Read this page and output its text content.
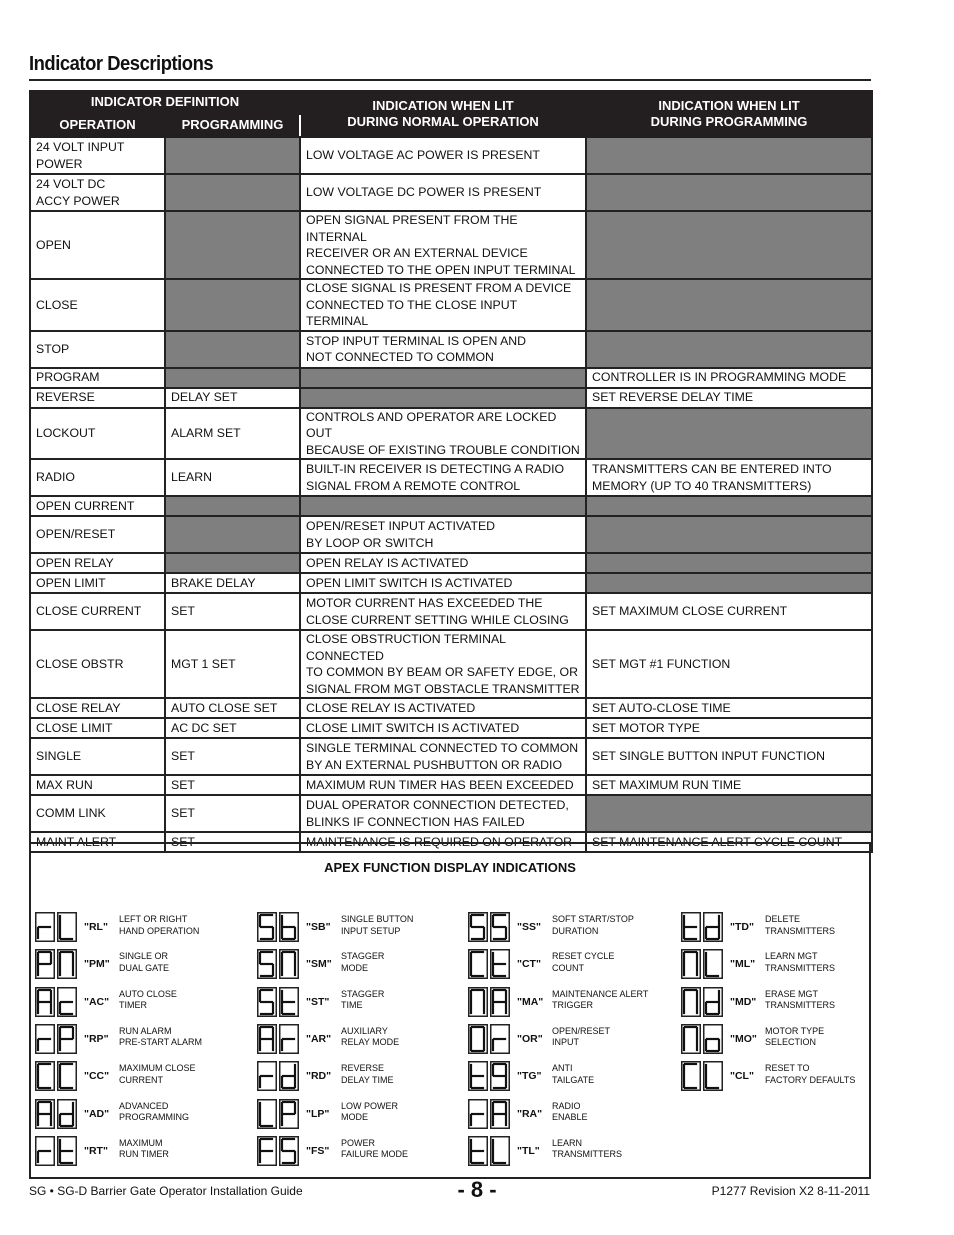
Indicator Descriptions
INDICATOR DEFINITION		INDICATION WHEN LIT
DURING NORMAL OPERATION	INDICATION WHEN LIT
DURING PROGRAMMING
OPERATION	PROGRAMMING		
24 VOLT INPUT
POWER		LOW VOLTAGE AC POWER IS PRESENT	
24 VOLT DC
ACCY POWER		LOW VOLTAGE DC POWER IS PRESENT	
OPEN		OPEN SIGNAL PRESENT FROM THE INTERNAL
RECEIVER OR AN EXTERNAL DEVICE
CONNECTED TO THE OPEN INPUT TERMINAL	
CLOSE		CLOSE SIGNAL IS PRESENT FROM A DEVICE
CONNECTED TO THE CLOSE INPUT TERMINAL	
STOP		STOP INPUT TERMINAL IS OPEN AND
NOT CONNECTED TO COMMON	
PROGRAM			CONTROLLER IS IN PROGRAMMING MODE
REVERSE	DELAY SET		SET REVERSE DELAY TIME
LOCKOUT	ALARM SET	CONTROLS AND OPERATOR ARE LOCKED OUT
BECAUSE OF EXISTING TROUBLE CONDITION	
RADIO	LEARN	BUILT-IN RECEIVER IS DETECTING A RADIO
SIGNAL FROM A REMOTE CONTROL	TRANSMITTERS CAN BE ENTERED INTO
MEMORY (UP TO 40 TRANSMITTERS)
OPEN CURRENT			
OPEN/RESET		OPEN/RESET INPUT ACTIVATED
BY LOOP OR SWITCH	
OPEN RELAY		OPEN RELAY IS ACTIVATED	
OPEN LIMIT	BRAKE DELAY	OPEN LIMIT SWITCH IS ACTIVATED	
CLOSE CURRENT	SET	MOTOR CURRENT HAS EXCEEDED THE
CLOSE CURRENT SETTING WHILE CLOSING	SET MAXIMUM CLOSE CURRENT
CLOSE OBSTR	MGT 1 SET	CLOSE OBSTRUCTION TERMINAL CONNECTED
TO COMMON BY BEAM OR SAFETY EDGE, OR
SIGNAL FROM MGT OBSTACLE TRANSMITTER	SET MGT #1 FUNCTION
CLOSE RELAY	AUTO CLOSE SET	CLOSE RELAY IS ACTIVATED	SET AUTO-CLOSE TIME
CLOSE LIMIT	AC DC SET	CLOSE LIMIT SWITCH IS ACTIVATED	SET MOTOR TYPE
SINGLE	SET	SINGLE TERMINAL CONNECTED TO COMMON
BY AN EXTERNAL PUSHBUTTON OR RADIO	SET SINGLE BUTTON INPUT FUNCTION
MAX RUN	SET	MAXIMUM RUN TIMER HAS BEEN EXCEEDED	SET MAXIMUM RUN TIME
COMM LINK	SET	DUAL OPERATOR CONNECTION DETECTED,
BLINKS IF CONNECTION HAS FAILED	
MAINT ALERT	SET	MAINTENANCE IS REQUIRED ON OPERATOR	SET MAINTENANCE ALERT CYCLE COUNT
APEX FUNCTION DISPLAY INDICATIONS
"RL"
LEFT OR RIGHT
HAND OPERATION
"PM"
SINGLE OR
DUAL GATE
"AC"
AUTO CLOSE
TIMER
"RP"
RUN ALARM
PRE-START ALARM
"CC"
MAXIMUM CLOSE
CURRENT
"AD"
ADVANCED
PROGRAMMING
"RT"
MAXIMUM
RUN TIMER
"SB"
SINGLE BUTTON
INPUT SETUP
"SM"
STAGGER
MODE
"ST"
STAGGER
TIME
"AR"
AUXILIARY
RELAY MODE
"RD"
REVERSE
DELAY TIME
"LP"
LOW POWER
MODE
"FS"
POWER
FAILURE MODE
"SS"
SOFT START/STOP
DURATION
"CT"
RESET CYCLE
COUNT
"MA"
MAINTENANCE ALERT
TRIGGER
"OR"
OPEN/RESET
INPUT
"TG"
ANTI
TAILGATE
"RA"
RADIO
ENABLE
"TL"
LEARN
TRANSMITTERS
"TD"
DELETE
TRANSMITTERS
"ML"
LEARN MGT
TRANSMITTERS
"MD"
ERASE MGT
TRANSMITTERS
"MO"
MOTOR TYPE
SELECTION
"CL"
RESET TO
FACTORY DEFAULTS
SG • SG-D Barrier Gate Operator Installation Guide	- 8 -	P1277 Revision X2 8-11-2011
